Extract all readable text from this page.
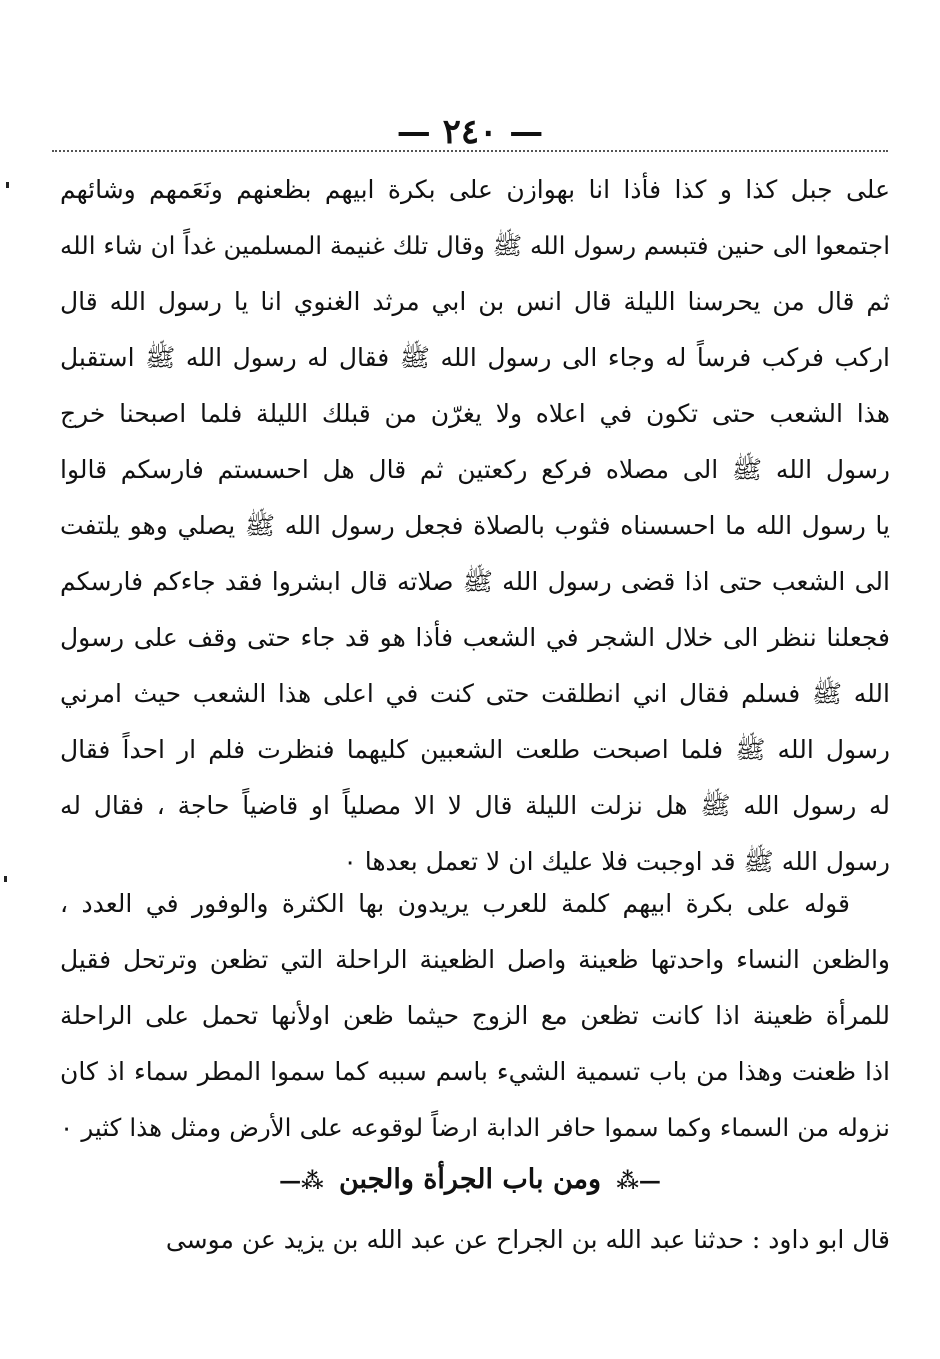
— ٢٤٠ —
على جبل كذا و كذا فأذا انا بهوازن على بكرة ابيهم بظعنهم ونَعَمهم وشائهم
اجتمعوا الى حنين فتبسم رسول الله ﷺ وقال تلك غنيمة المسلمين غداً ان شاء الله
ثم قال من يحرسنا الليلة قال انس بن ابي مرثد الغنوي انا يا رسول الله قال
اركب فركب فرساً له وجاء الى رسول الله ﷺ فقال له رسول الله ﷺ استقبل
هذا الشعب حتى تكون في اعلاه ولا يغرّن من قبلك الليلة فلما اصبحنا خرج
رسول الله ﷺ الى مصلاه فركع ركعتين ثم قال هل احسستم فارسكم قالوا
يا رسول الله ما احسسناه فثوب بالصلاة فجعل رسول الله ﷺ يصلي وهو يلتفت
الى الشعب حتى اذا قضى رسول الله ﷺ صلاته قال ابشروا فقد جاءكم فارسكم
فجعلنا ننظر الى خلال الشجر في الشعب فأذا هو قد جاء حتى وقف على رسول
الله ﷺ فسلم فقال اني انطلقت حتى كنت في اعلى هذا الشعب حيث امرني
رسول الله ﷺ فلما اصبحت طلعت الشعبين كليهما فنظرت فلم ار احداً فقال
له رسول الله ﷺ هل نزلت الليلة قال لا الا مصلياً او قاضياً حاجة ، فقال له
رسول الله ﷺ قد اوجبت فلا عليك ان لا تعمل بعدها ٠
قوله على بكرة ابيهم كلمة للعرب يريدون بها الكثرة والوفور في العدد ،
والظعن النساء واحدتها ظعينة واصل الظعينة الراحلة التي تظعن وترتحل فقيل
للمرأة ظعينة اذا كانت تظعن مع الزوج حيثما ظعن اولأنها تحمل على الراحلة
اذا ظعنت وهذا من باب تسمية الشيء باسم سببه كما سموا المطر سماء اذ كان
نزوله من السماء وكما سموا حافر الدابة ارضاً لوقوعه على الأرض ومثل هذا كثير ٠
—⁂ ومن باب الجرأة والجبن ⁂—
قال ابو داود : حدثنا عبد الله بن الجراح عن عبد الله بن يزيد عن موسى
